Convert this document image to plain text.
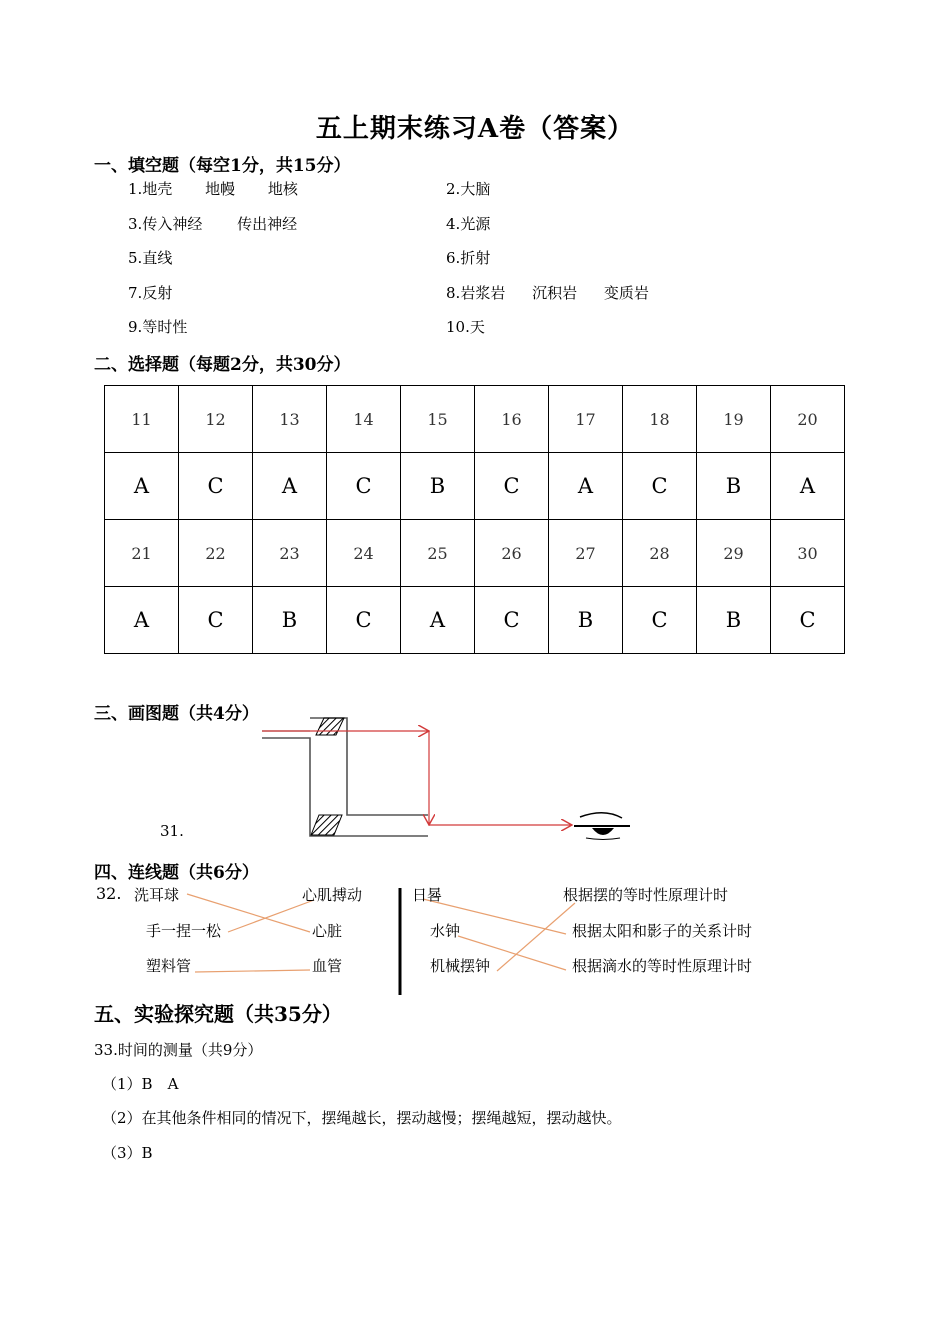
五上期末练习A卷（答案）
一、填空题（每空1分，共15分）
1.地壳 地幔 地核	2.大脑
3.传入神经 传出神经	4.光源
5.直线	6.折射
7.反射	8.岩浆岩 沉积岩 变质岩
9.等时性	10.天
二、选择题（每题2分，共30分）
11	12	13	14	15	16	17	18	19	20
A	C	A	C	B	C	A	C	B	A
21	22	23	24	25	26	27	28	29	30
A	C	B	C	A	C	B	C	B	C
三、画图题（共4分）
31.
四、连线题（共6分）
32. 洗耳球
手一捏一松
塑料管
心肌搏动
心脏
血管
日晷
水钟
机械摆钟
根据摆的等时性原理计时
根据太阳和影子的关系计时
根据滴水的等时性原理计时
五、实验探究题（共35分）
33.时间的测量（共9分）
（1）B　A
（2）在其他条件相同的情况下，摆绳越长，摆动越慢；摆绳越短，摆动越快。
（3）B
